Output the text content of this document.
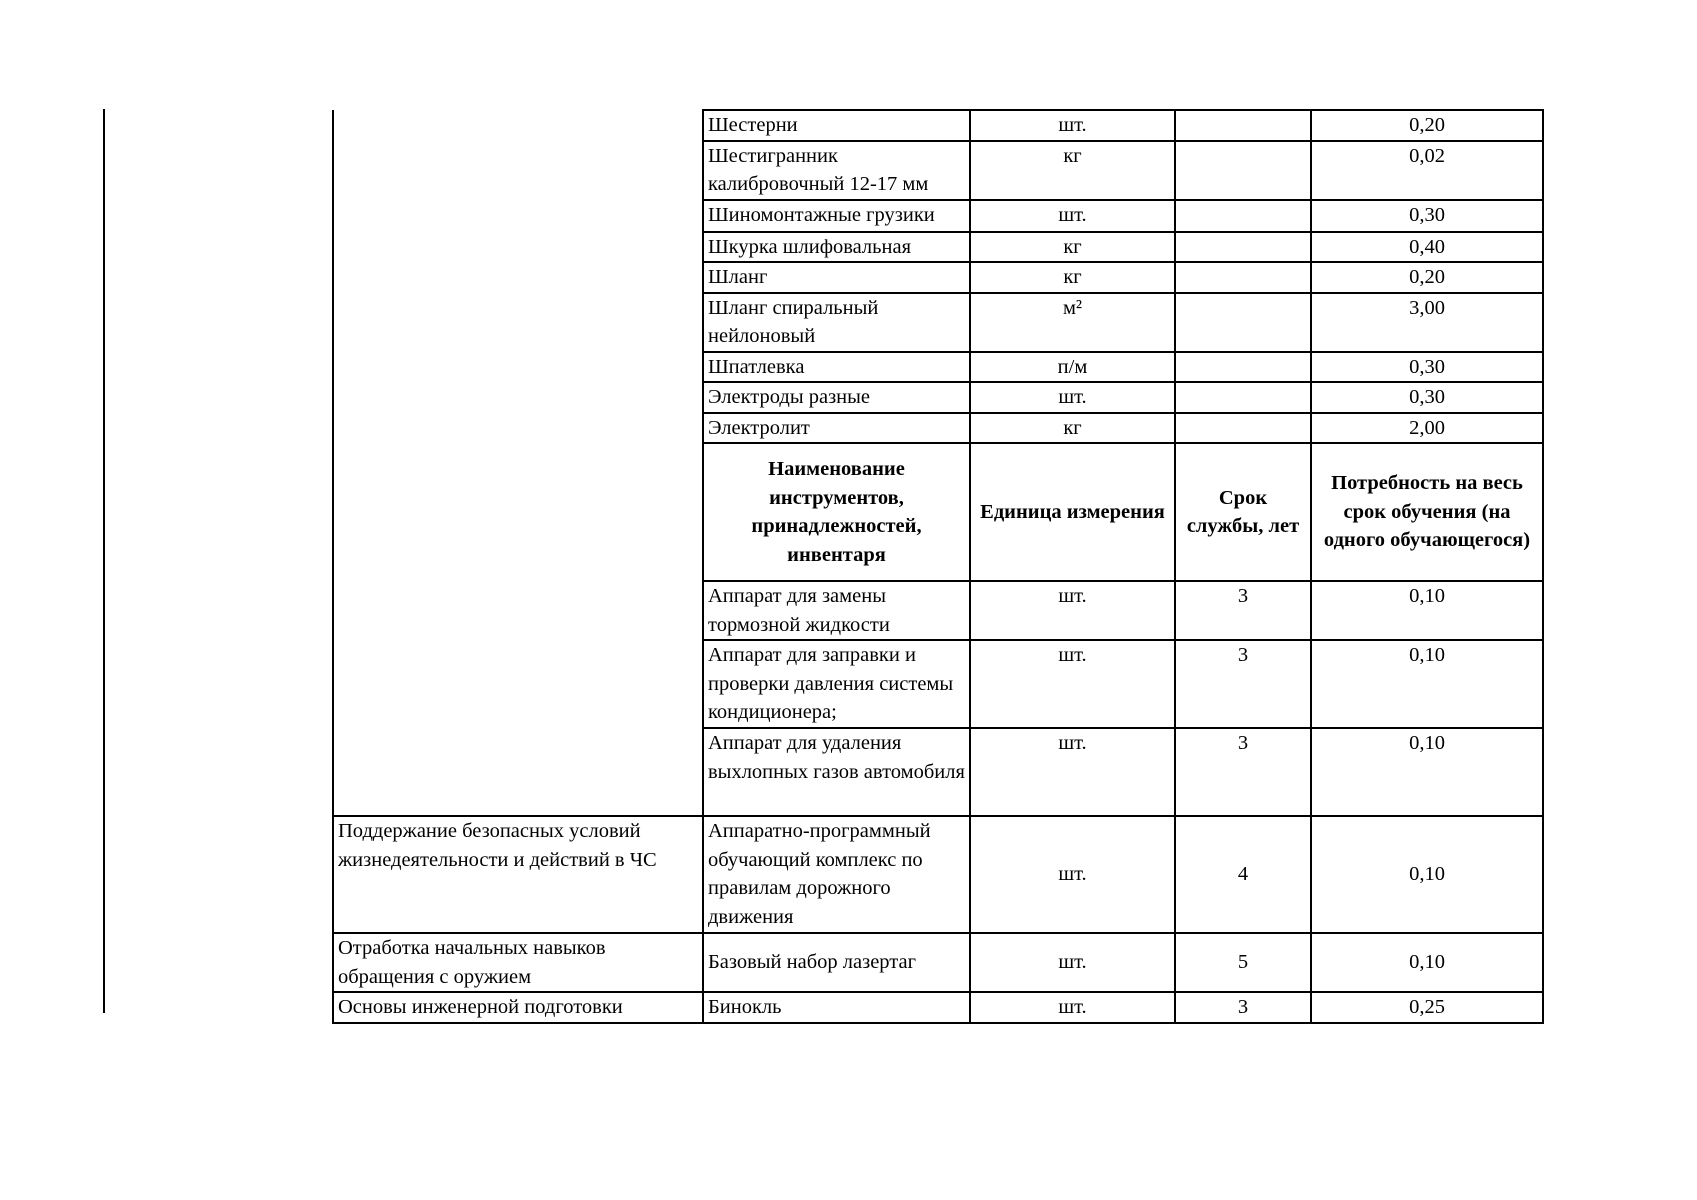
	Шестерни	шт.		0,20
	Шестигранник калибровочный 12-17 мм	кг		0,02
	Шиномонтажные грузики	шт.		0,30
	Шкурка шлифовальная	кг		0,40
	Шланг	кг		0,20
	Шланг спиральный нейлоновый	м²		3,00
	Шпатлевка	п/м		0,30
	Электроды разные	шт.		0,30
	Электролит	кг		2,00
	Наименование инструментов, принадлежностей, инвентаря	Единица измерения	Срок службы, лет	Потребность на весь срок обучения (на одного обучающегося)
	Аппарат для замены тормозной жидкости	шт.	3	0,10
	Аппарат для заправки и проверки давления системы кондиционера;	шт.	3	0,10
	Аппарат для удаления выхлопных газов автомобиля	шт.	3	0,10
Поддержание безопасных условий жизнедеятельности и действий в ЧС	Аппаратно-программный обучающий комплекс по правилам дорожного движения	шт.	4	0,10
Отработка начальных навыков обращения с оружием	Базовый набор лазертаг	шт.	5	0,10
Основы инженерной подготовки	Бинокль	шт.	3	0,25
